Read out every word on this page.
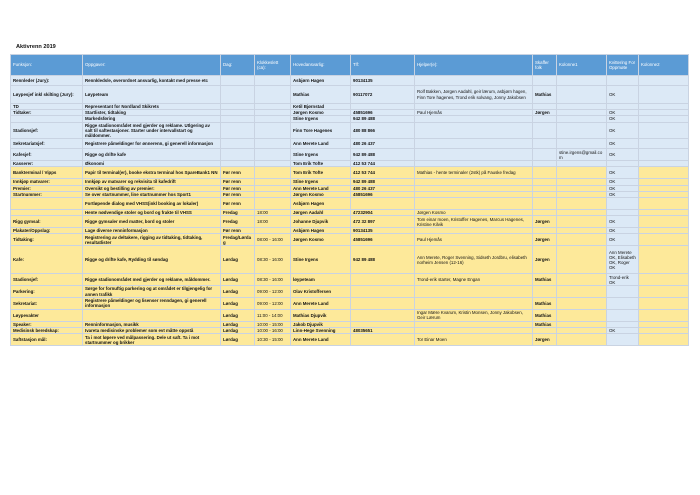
Aktivrenn 2019
Funksjon:	Oppgaver:	Dag:	Klokkeslett (ca):	Hovedansvarlig:	Tlf:	Hjelper(e):	Skaffer folk	Kolonne1	Kvittering For Oppmøte	Kolonne2
Rennleder (Jury):	Rennkledsle, øverordnet ansvarlig, kontakt med presse etc			Asbjørn Hagen	90134135					
Løypesjef inkl skilting (Jury):	Løypeteam			Mathias	90117072	Rolf Bakken, Jørgen Aadahl, geir lærum, asbjørn hagen, Finn Tore hagenes, Trond erik solvang, Jonny Jakobsen	Mathias		OK	
TD	Representant for Nordland Skikrets			Ketil Bjørnstad						
Tidtaker:	Startlister, tidtaking			Jørgen Kosmo	45851696	Paul Hjemås	Jørgen		OK	
	Markedsføring			Stine Irgens	942 89 488				OK	
Stadionsjef:	Rigge stadionområdet med gjerder og reklame. Utlgering av salt til saftestasjoner. Starter under intervallstart og måldommer.			Finn Tore Hagenes	480 88 866				OK	
Sekretariatsjef:	Registrere påmeldinger for ønnerenn, gi generell informasjon			Ann Merete Land	480 26 437				OK	
Kafesjef:	Rigge og drifte kafe			Stine Irgens	942 89 488			stine.irgens@gmail.com	OK	
Kasserer:	Økonomi			Tom Erik Tofte	412 53 744					
Bankterminal / Vipps	Papir til terminal(er), booke ekstra terminal hos SpareBank1 NN	Før renn		Tom Erik Tofte	412 53 744	Mathias - hente terminaler (2stk) på Fauske fredag			OK	
Innkjøp matvarer:	Innkjøp av matvarer og rekvisita til kafedrift	Før renn		Stine Irgens	942 89 488				OK	
Premier:	Oversikt og bestilling av premier:	Før renn		Ann Merete Land	480 26 437				OK	
Startnummer:	Se over startnummer, line startnummer hos Sport1	Før renn		Jørgen Kosmo	45851696				OK	
	Fortløpende dialog med VHSS(inkl booking av lokaler)	Før renn		Asbjørn Hagen						
	Hente nødvendige stoler og bord og frakte til VHSS	Fredag	18:00	Jørgen Aadahl	47232904	Jørgen Kosmo				
Rigg gymsal:	Rigge gymsaler med matter, bord og stoler	Fredag	18:00	Johanne Djupvik	472 32 897	Tom einar moen, Kristoffer Hagenes, Marcus Hagenes, Kristine Kilvik	Jørgen		OK	
Plakater/Oppslag:	Lage diverse renninformasjon	Før renn		Asbjørn Hagen	90134135				OK	
Tidtaking:	Registrering av deltakere, rigging av tidtaking, tidtaking, resultatlister	Fredag/Lørdag	08:00 - 16:00	Jørgen Kosmo	45851696	Paul Hjemås	Jørgen		OK	
Kafe:	Rigge og drifte kafe, Rydding til søndag	Lørdag	08:30 - 16:00	Stine Irgens	942 89 488	Ann Merete, Roger Svenning, Sidseth Jordbru, elisabeth norheim Jensen (12-16)	Jørgen		Ann Merete OK, Elisabeth OK, Roger OK	
Stadionsjef:	Rigge stadionområdet med gjerder og reklame, måldommer.	Lørdag	08:30 - 16:00	løypeteam		Trond-erik starter, Magne Engan	Mathias		Trond-erik OK	
Parkering:	Sørge for fornuftig parkering og at området er tilgjengelig for annen trafikk	Lørdag	09:00 - 12:00	Olav Kristoffersen						
Sekretariat:	Registrere påmeldinger og lisenser renndagen, gi generell informasjon	Lørdag	09:00 - 12:00	Ann Merete Land			Mathias			
Løypevakter		Lørdag	11:00 - 14:00	Mathias Djupvik		Ingar Mære Kvarum, Kristin Monsen, Jonny Jakobsen, Geir Lærum	Mathias			
Speaker:	Renninformasjon, musikk	Lørdag	10:00 - 15:00	Jakob Djupvik			Mathias			
Medisinsk beredskap:	Ivareta medisinske problemer som evt måtte oppstå	Lørdag	10:00 - 16:00	Linn-Hege Svenning	48035651				OK	
Saftstasjon mål:	Ta i mot løpere ved målpassering. Dele ut saft. Ta i mot startnummer og brikker	Lørdag	10:30 - 15:00	Ann Merete Land		Tor Einar Moen	Jørgen			
